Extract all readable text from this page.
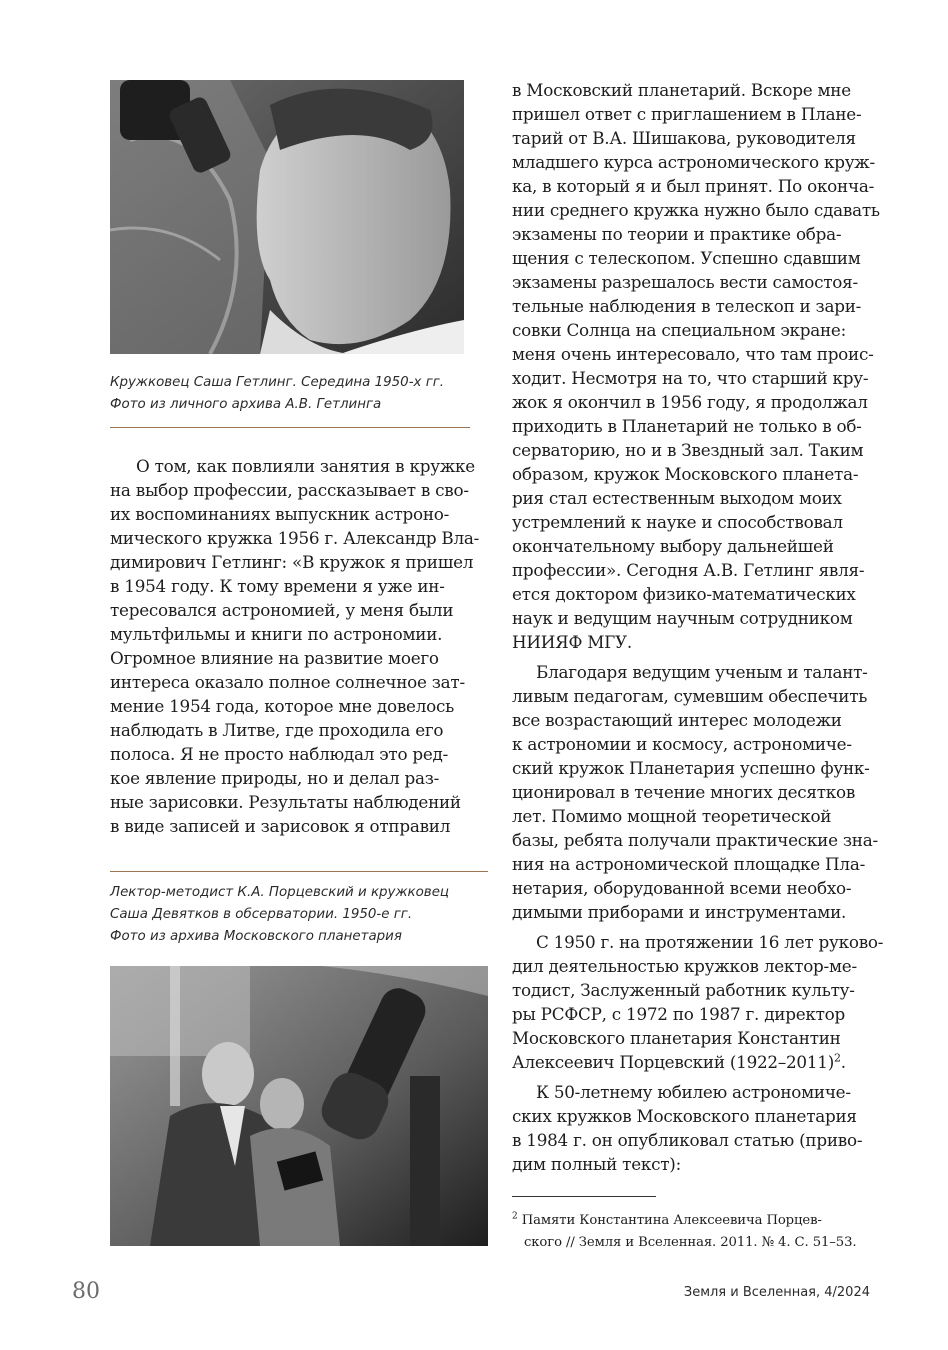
Кружковец Саша Гетлинг. Середина 1950-х гг.
Фото из личного архива А.В. Гетлинга

О том, как повлияли занятия в кружке

на выбор профессии, рассказывает в сво-

их воспоминаниях выпускник астроно-

мического кружка 1956 г. Александр Вла-

димирович Гетлинг: «В кружок я пришел

в 1954 году. К тому времени я уже ин-

тересовался астрономией, у меня были

мультфильмы и книги по астрономии.

Огромное влияние на развитие моего

интереса оказало полное солнечное зат-

мение 1954 года, которое мне довелось

наблюдать в Литве, где проходила его

полоса. Я не просто наблюдал это ред-

кое явление природы, но и делал раз-

ные зарисовки. Результаты наблюдений

в виде записей и зарисовок я отправил

Лектор-методист К.А. Порцевский и кружковец
Саша Девятков в обсерватории. 1950-е гг.
Фото из архива Московского планетария

в Московский планетарий. Вскоре мне

пришел ответ с приглашением в Плане-

тарий от В.А. Шишакова, руководителя

младшего курса астрономического круж-

ка, в который я и был принят. По оконча-

нии среднего кружка нужно было сдавать

экзамены по теории и практике обра-

щения с телескопом. Успешно сдавшим

экзамены разрешалось вести самостоя-

тельные наблюдения в телескоп и зари-

совки Солнца на специальном экране:

меня очень интересовало, что там проис-

ходит. Несмотря на то, что старший кру-

жок я окончил в 1956 году, я продолжал

приходить в Планетарий не только в об-

серваторию, но и в Звездный зал. Таким

образом, кружок Московского планета-

рия стал естественным выходом моих

устремлений к науке и способствовал

окончательному выбору дальнейшей

профессии». Сегодня А.В. Гетлинг явля-

ется доктором физико-математических

наук и ведущим научным сотрудником

НИИЯФ МГУ.

Благодаря ведущим ученым и талант-

ливым педагогам, сумевшим обеспечить

все возрастающий интерес молодежи

к астрономии и космосу, астрономиче-

ский кружок Планетария успешно функ-

ционировал в течение многих десятков

лет. Помимо мощной теоретической

базы, ребята получали практические зна-

ния на астрономической площадке Пла-

нетария, оборудованной всеми необхо-

димыми приборами и инструментами.

С 1950 г. на протяжении 16 лет руково-

дил деятельностью кружков лектор-ме-

тодист, Заслуженный работник культу-

ры РСФСР, с 1972 по 1987 г. директор

Московского планетария Константин

Алексеевич Порцевский (1922–2011)$^2$.

К 50-летнему юбилею астрономиче-

ских кружков Московского планетария

в 1984 г. он опубликовал статью (приво-

дим полный текст):

$^2$ Памяти Константина Алексеевича Порцев-

ского // Земля и Вселенная. 2011. № 4. С. 51–53.

80	Земля и Вселенная, 4/2024
